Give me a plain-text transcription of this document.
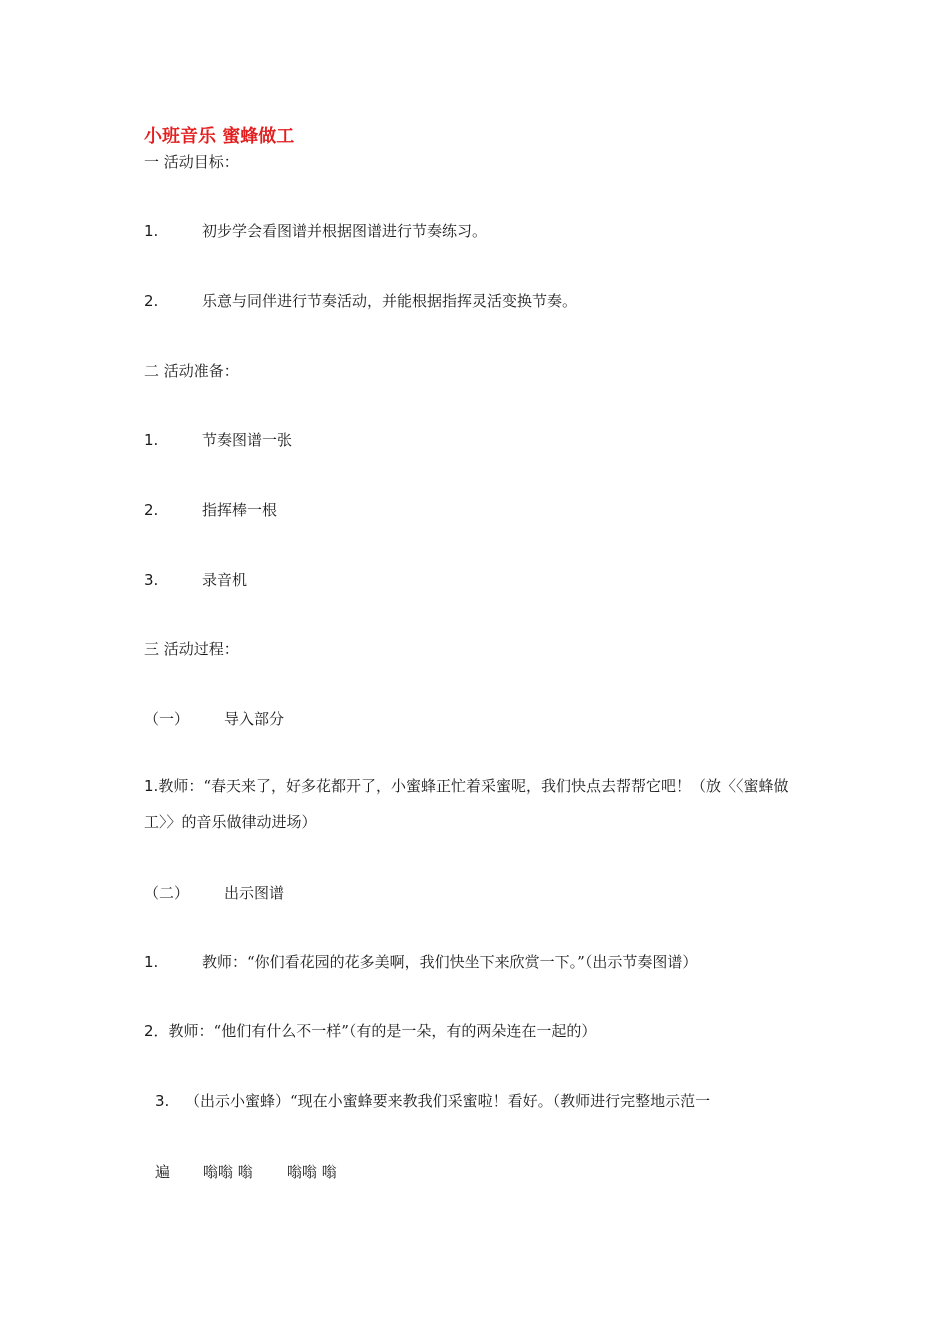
小班音乐 蜜蜂做工
一 活动目标：
1.	初步学会看图谱并根据图谱进行节奏练习。
2.	乐意与同伴进行节奏活动，并能根据指挥灵活变换节奏。
二 活动准备：
1.	节奏图谱一张
2.	指挥棒一根
3.	录音机
三 活动过程：
（一） 导入部分
1.教师：“春天来了，好多花都开了，小蜜蜂正忙着采蜜呢，我们快点去帮帮它吧！（放〈〈蜜蜂做工〉〉的音乐做律动进场）
（二） 出示图谱
1.	教师：“你们看花园的花多美啊，我们快坐下来欣赏一下。”（出示节奏图谱）
2．教师：“他们有什么不一样”（有的是一朵，有的两朵连在一起的）
3. （出示小蜜蜂）“现在小蜜蜂要来教我们采蜜啦！看好。（教师进行完整地示范一
遍 嗡嗡 嗡 嗡嗡 嗡
